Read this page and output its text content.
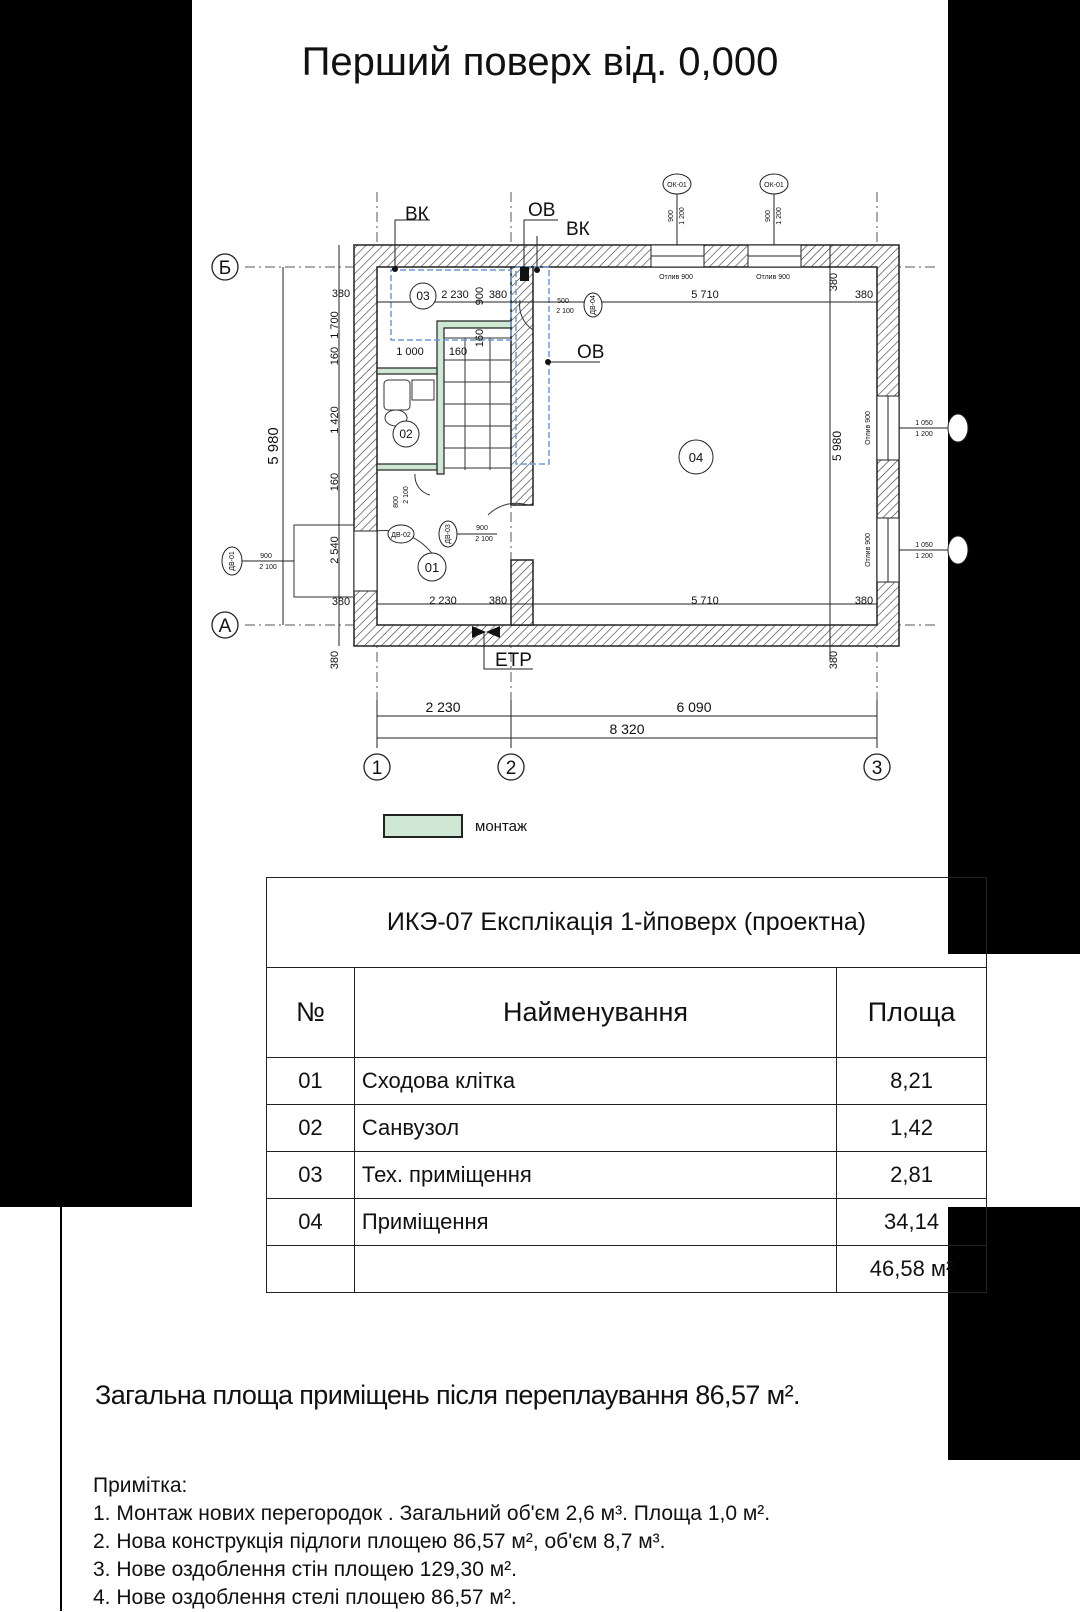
Перший поверх від. 0,000
2 230	6 090
8 320
5 980	5 980
2 230 380	5 710	380
2 230	380	5 710	380
380
1 700
160
1 420
160
2 540
380
380
1 000 160
160
900
380
380
03
02
01
04
Б
А
1	2	3
ВК	ОВ
ВК
ОВ
ЕТР
ОК-01	ОК-01
ОК-02
ОК-02
900 1 200	900 1 200
Отлив 900	Отлив 900
1 050
1 200
1 050
1 200
Отлив 900
Отлив 900
ДВ-01	900
2 100
ДВ-02
800 2 100
ДВ-03	900
2 100
ДВ-04
500
2 100
монтаж
ИКЭ-07 Експлікація 1-йповерх (проектна)		
№	Найменування	Площа
01	Сходова клітка	8,21
02	Санвузол	1,42
03	Тех. приміщення	2,81
04	Приміщення	34,14
		46,58 м²
Загальна площа приміщень після переплаування 86,57 м².
Примітка:
1. Монтаж нових перегородок . Загальний об'єм 2,6 м³. Площа 1,0 м².
2. Нова конструкція підлоги площею 86,57 м², об'єм 8,7 м³.
3. Нове оздоблення стін площею 129,30 м².
4. Нове оздоблення стелі площею 86,57 м².
